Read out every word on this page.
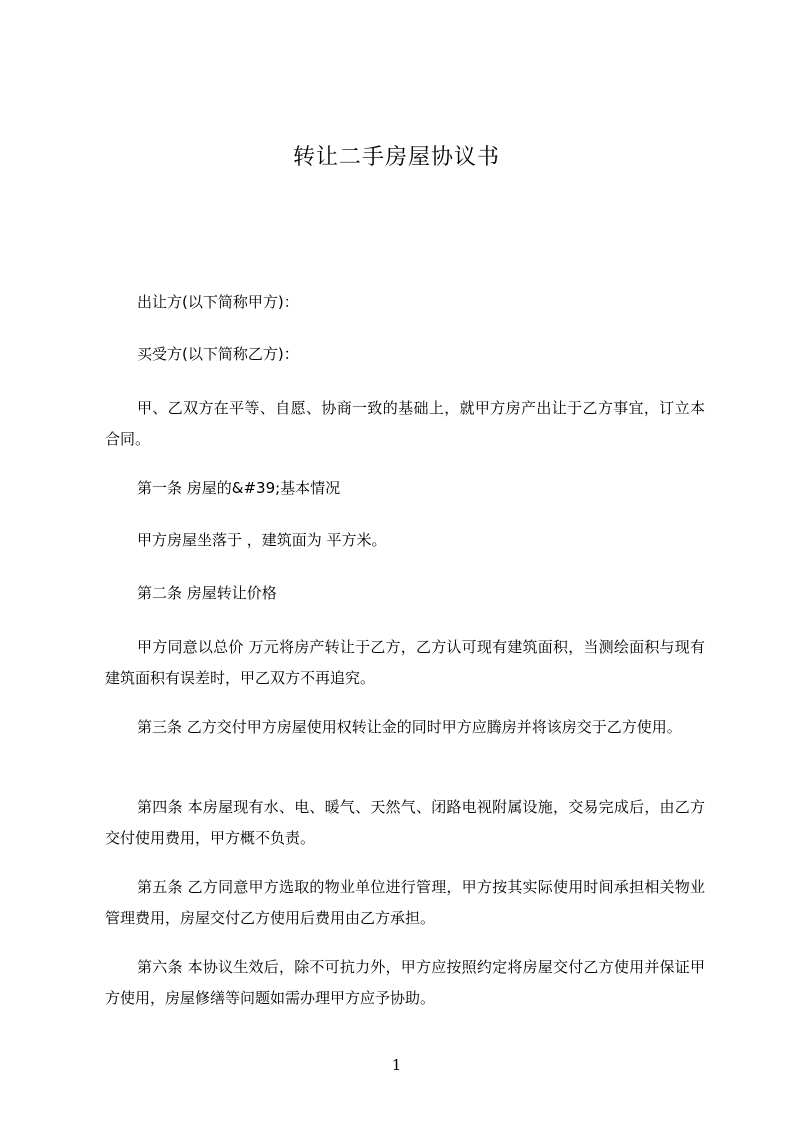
转让二手房屋协议书
出让方(以下简称甲方)：
买受方(以下简称乙方)：
甲、乙双方在平等、自愿、协商一致的基础上，就甲方房产出让于乙方事宜，订立本合同。
第一条 房屋的&#39;基本情况
甲方房屋坐落于 ，建筑面为 平方米。
第二条 房屋转让价格
甲方同意以总价 万元将房产转让于乙方，乙方认可现有建筑面积，当测绘面积与现有建筑面积有误差时，甲乙双方不再追究。
第三条 乙方交付甲方房屋使用权转让金的同时甲方应腾房并将该房交于乙方使用。
第四条 本房屋现有水、电、暖气、天然气、闭路电视附属设施，交易完成后，由乙方交付使用费用，甲方概不负责。
第五条 乙方同意甲方选取的物业单位进行管理，甲方按其实际使用时间承担相关物业管理费用，房屋交付乙方使用后费用由乙方承担。
第六条 本协议生效后，除不可抗力外，甲方应按照约定将房屋交付乙方使用并保证甲方使用，房屋修缮等问题如需办理甲方应予协助。
1
